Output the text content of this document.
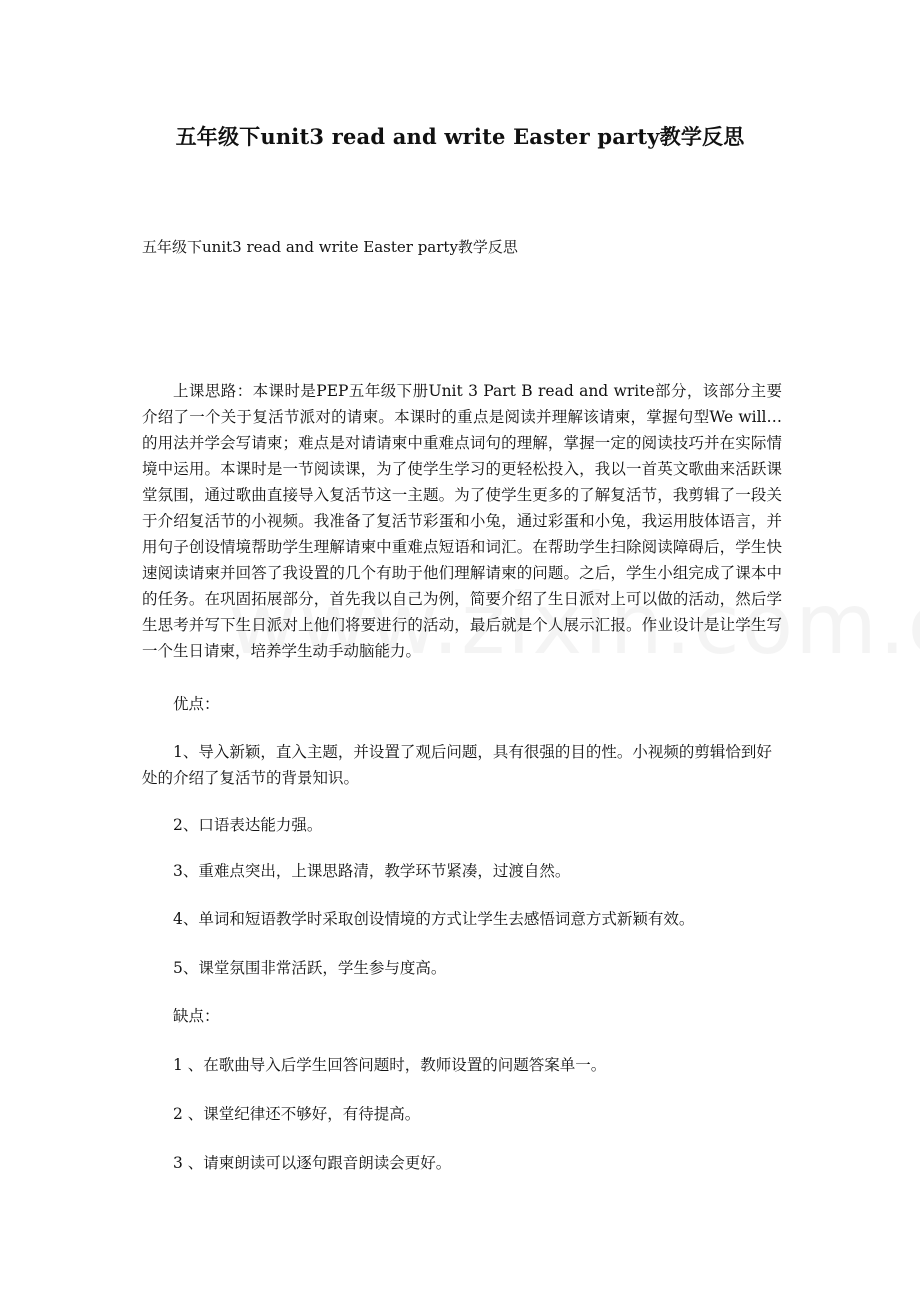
五年级下unit3 read and write Easter party教学反思
五年级下unit3 read and write Easter party教学反思
上课思路：本课时是PEP五年级下册Unit 3 Part B read and write部分，该部分主要介绍了一个关于复活节派对的请柬。本课时的重点是阅读并理解该请柬，掌握句型We will…的用法并学会写请柬；难点是对请请柬中重难点词句的理解，掌握一定的阅读技巧并在实际情境中运用。本课时是一节阅读课，为了使学生学习的更轻松投入，我以一首英文歌曲来活跃课堂氛围，通过歌曲直接导入复活节这一主题。为了使学生更多的了解复活节，我剪辑了一段关于介绍复活节的小视频。我准备了复活节彩蛋和小兔，通过彩蛋和小兔，我运用肢体语言，并用句子创设情境帮助学生理解请柬中重难点短语和词汇。在帮助学生扫除阅读障碍后，学生快速阅读请柬并回答了我设置的几个有助于他们理解请柬的问题。之后，学生小组完成了课本中的任务。在巩固拓展部分，首先我以自己为例，简要介绍了生日派对上可以做的活动，然后学生思考并写下生日派对上他们将要进行的活动，最后就是个人展示汇报。作业设计是让学生写一个生日请柬，培养学生动手动脑能力。
优点：
1、导入新颖，直入主题，并设置了观后问题，具有很强的目的性。小视频的剪辑恰到好处的介绍了复活节的背景知识。
2、口语表达能力强。
3、重难点突出，上课思路清，教学环节紧凑，过渡自然。
4、单词和短语教学时采取创设情境的方式让学生去感悟词意方式新颖有效。
5、课堂氛围非常活跃，学生参与度高。
缺点：
1 、在歌曲导入后学生回答问题时，教师设置的问题答案单一。
2 、课堂纪律还不够好，有待提高。
3 、请柬朗读可以逐句跟音朗读会更好。
